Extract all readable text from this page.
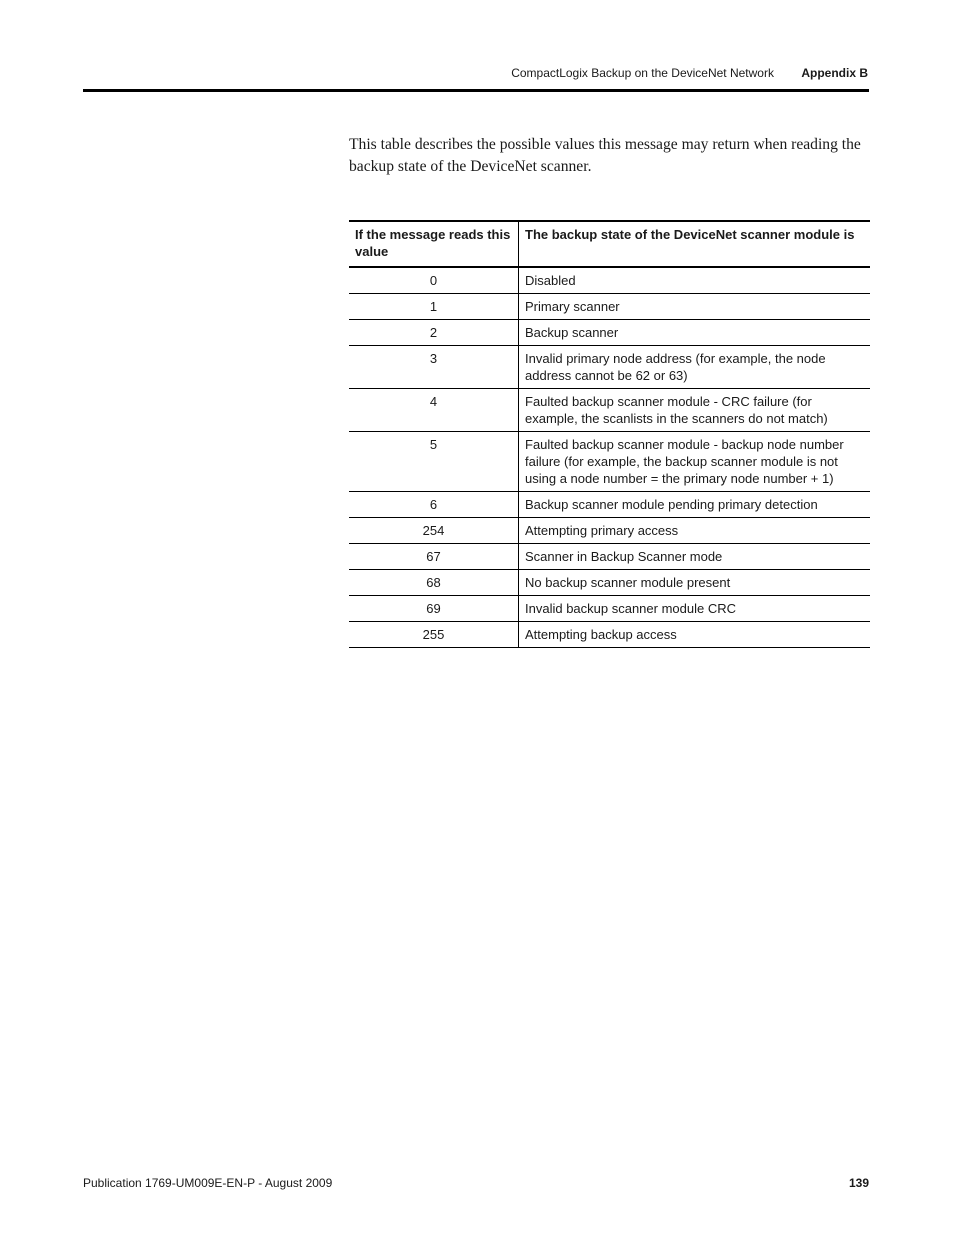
CompactLogix Backup on the DeviceNet Network Appendix B

This table describes the possible values this message may return when reading the backup state of the DeviceNet scanner.

If the message reads this value	The backup state of the DeviceNet scanner module is
0	Disabled
1	Primary scanner
2	Backup scanner
3	Invalid primary node address (for example, the node address cannot be 62 or 63)
4	Faulted backup scanner module - CRC failure (for example, the scanlists in the scanners do not match)
5	Faulted backup scanner module - backup node number failure (for example, the backup scanner module is not using a node number = the primary node number + 1)
6	Backup scanner module pending primary detection
254	Attempting primary access
67	Scanner in Backup Scanner mode
68	No backup scanner module present
69	Invalid backup scanner module CRC
255	Attempting backup access
Publication 1769-UM009E-EN-P - August 2009	139
